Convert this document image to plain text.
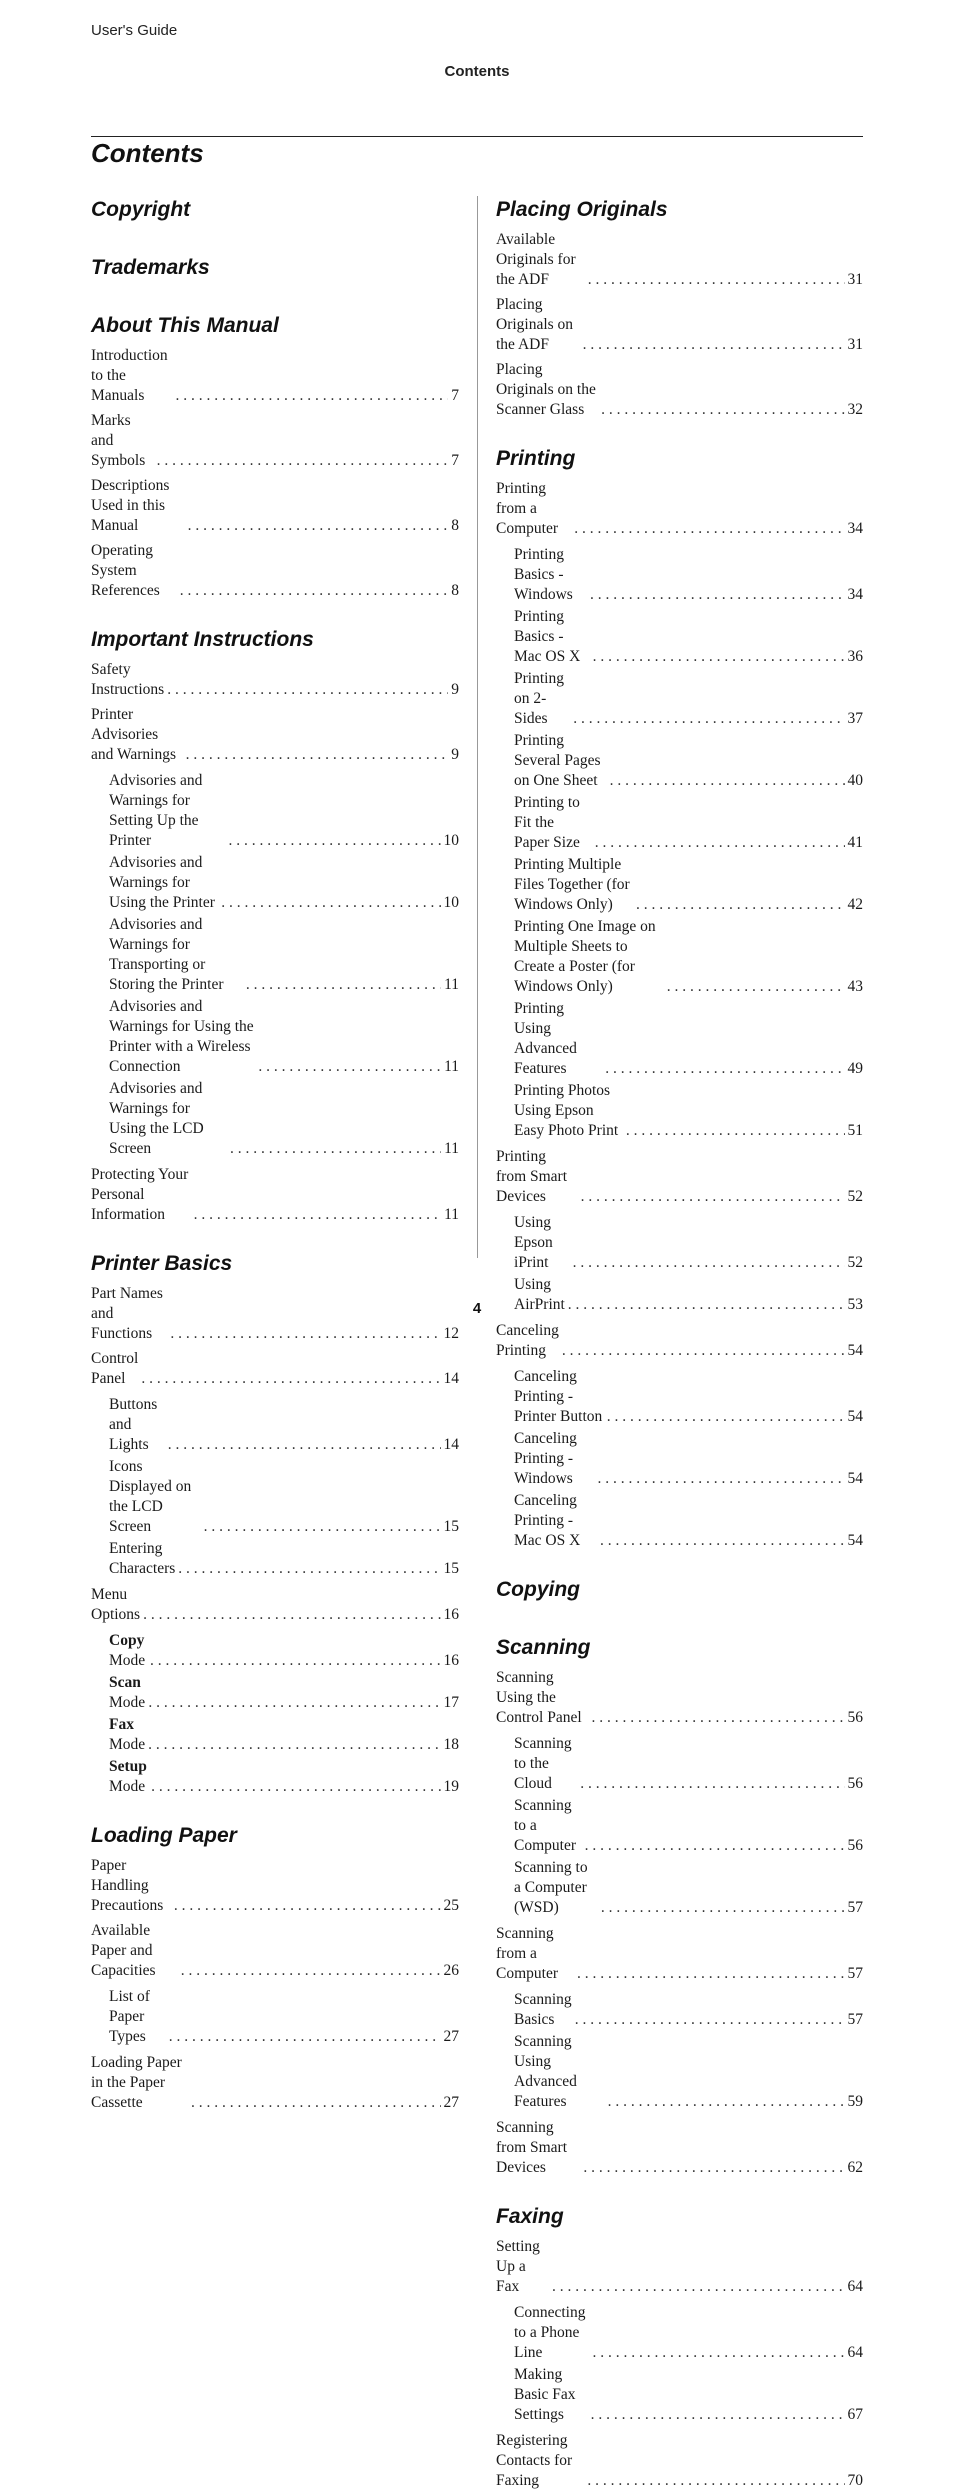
User's Guide
Contents
Contents
Copyright
Trademarks
About This Manual
Introduction to the Manuals . . .	7
Marks and Symbols . . .	7
Descriptions Used in this Manual . . .	8
Operating System References . . .	8
Important Instructions
Safety Instructions . . .	9
Printer Advisories and Warnings . . .	9
Advisories and Warnings for Setting Up the Printer . . .	10
Advisories and Warnings for Using the Printer . . .	10
Advisories and Warnings for Transporting or Storing the Printer . . .	11
Advisories and Warnings for Using the Printer with a Wireless Connection . . .	11
Advisories and Warnings for Using the LCD Screen . . .	11
Protecting Your Personal Information . . .	11
Printer Basics
Part Names and Functions . . .	12
Control Panel . . .	14
Buttons and Lights . . .	14
Icons Displayed on the LCD Screen . . .	15
Entering Characters . . .	15
Menu Options . . .	16
Copy Mode . . .	16
Scan Mode . . .	17
Fax Mode . . .	18
Setup Mode . . .	19
Loading Paper
Paper Handling Precautions . . .	25
Available Paper and Capacities . . .	26
List of Paper Types . . .	27
Loading Paper in the Paper Cassette . . .	27
Placing Originals
Available Originals for the ADF . . .	31
Placing Originals on the ADF . . .	31
Placing Originals on the Scanner Glass . . .	32
Printing
Printing from a Computer . . .	34
Printing Basics - Windows . . .	34
Printing Basics - Mac OS X . . .	36
Printing on 2-Sides . . .	37
Printing Several Pages on One Sheet . . .	40
Printing to Fit the Paper Size . . .	41
Printing Multiple Files Together (for Windows Only) . . .	42
Printing One Image on Multiple Sheets to Create a Poster (for Windows Only) . . .	43
Printing Using Advanced Features . . .	49
Printing Photos Using Epson Easy Photo Print . . .	51
Printing from Smart Devices . . .	52
Using Epson iPrint . . .	52
Using AirPrint . . .	53
Canceling Printing . . .	54
Canceling Printing - Printer Button . . .	54
Canceling Printing - Windows . . .	54
Canceling Printing - Mac OS X . . .	54
Copying
Scanning
Scanning Using the Control Panel . . .	56
Scanning to the Cloud . . .	56
Scanning to a Computer . . .	56
Scanning to a Computer (WSD) . . .	57
Scanning from a Computer . . .	57
Scanning Basics . . .	57
Scanning Using Advanced Features . . .	59
Scanning from Smart Devices . . .	62
Faxing
Setting Up a Fax . . .	64
Connecting to a Phone Line . . .	64
Making Basic Fax Settings . . .	67
Registering Contacts for Faxing . . .	70
4
